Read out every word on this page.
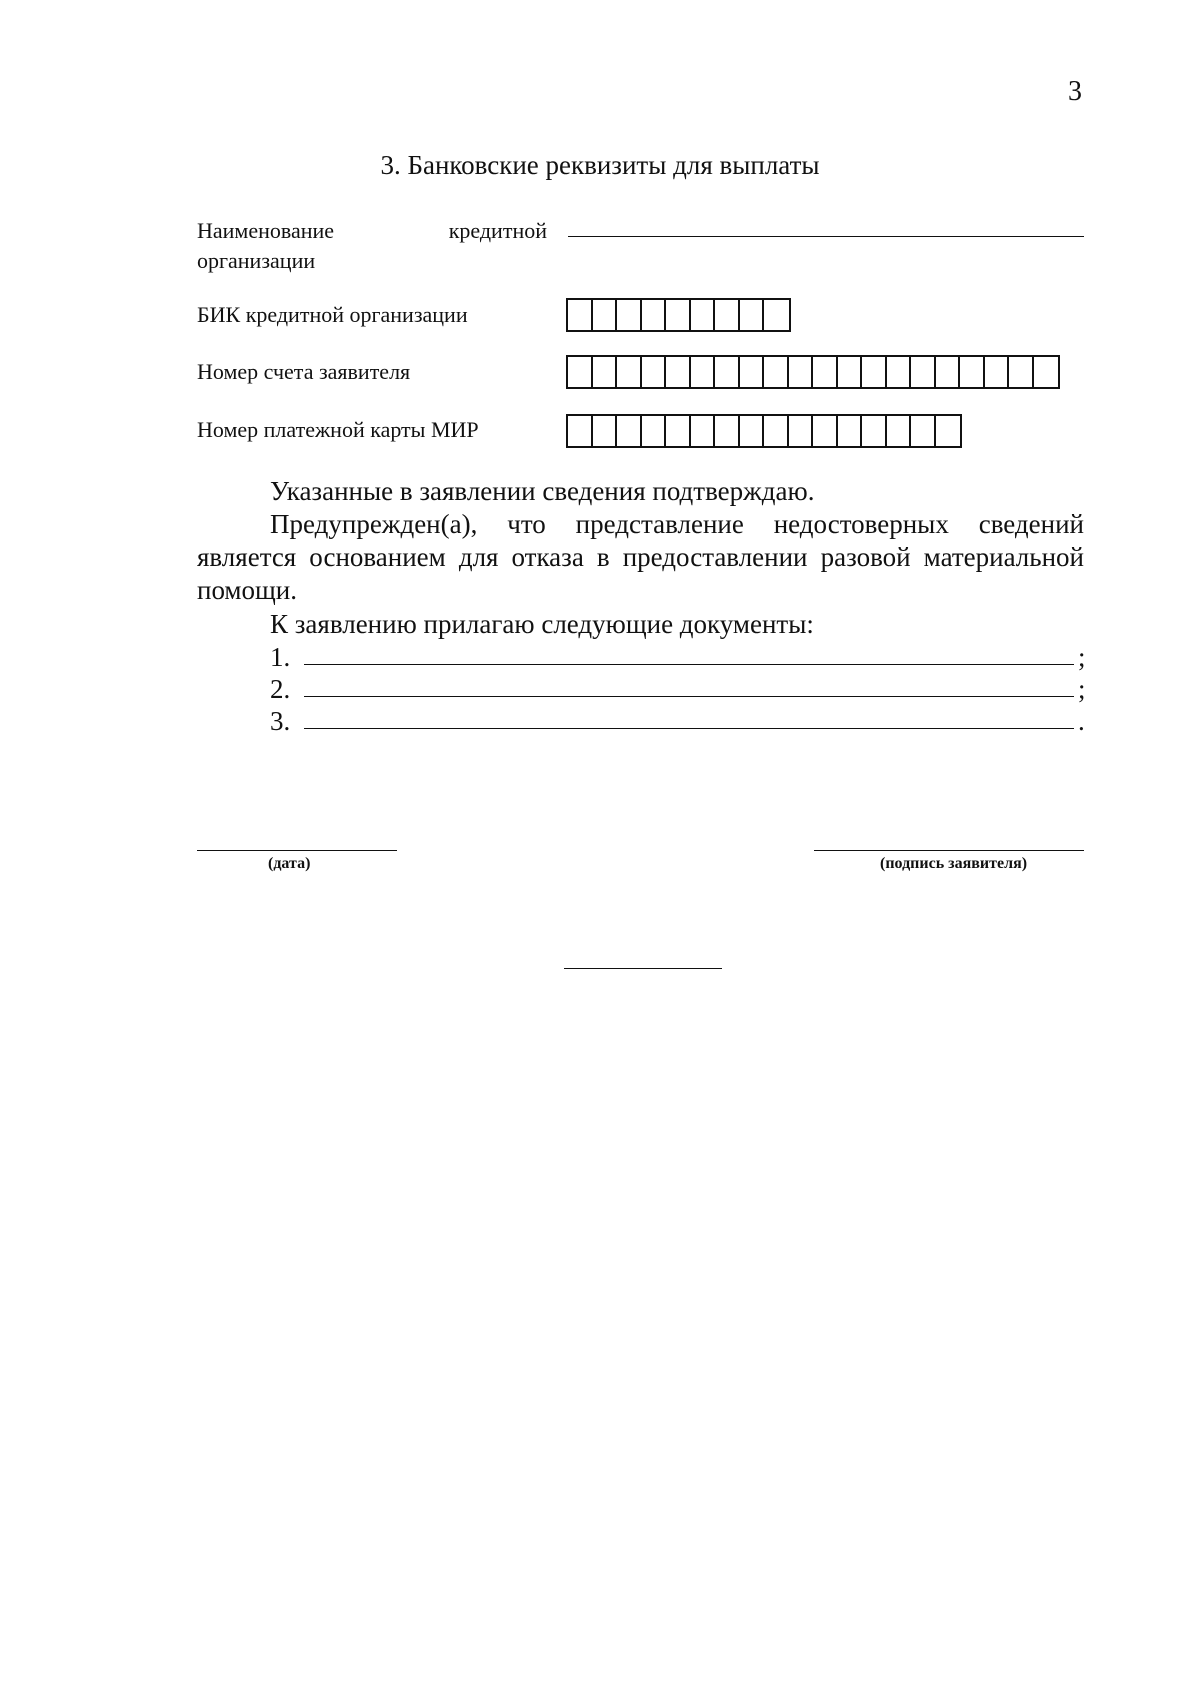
3
3. Банковские реквизиты для выплаты
Наименование	кредитной
организации
БИК кредитной организации
Номер счета заявителя
Номер платежной карты МИР
Указанные в заявлении сведения подтверждаю.
Предупрежден(а), что представление недостоверных сведений является основанием для отказа в предоставлении разовой материальной помощи.
К заявлению прилагаю следующие документы:
1.	;
2.	;
3.	.
(дата)	(подпись заявителя)
